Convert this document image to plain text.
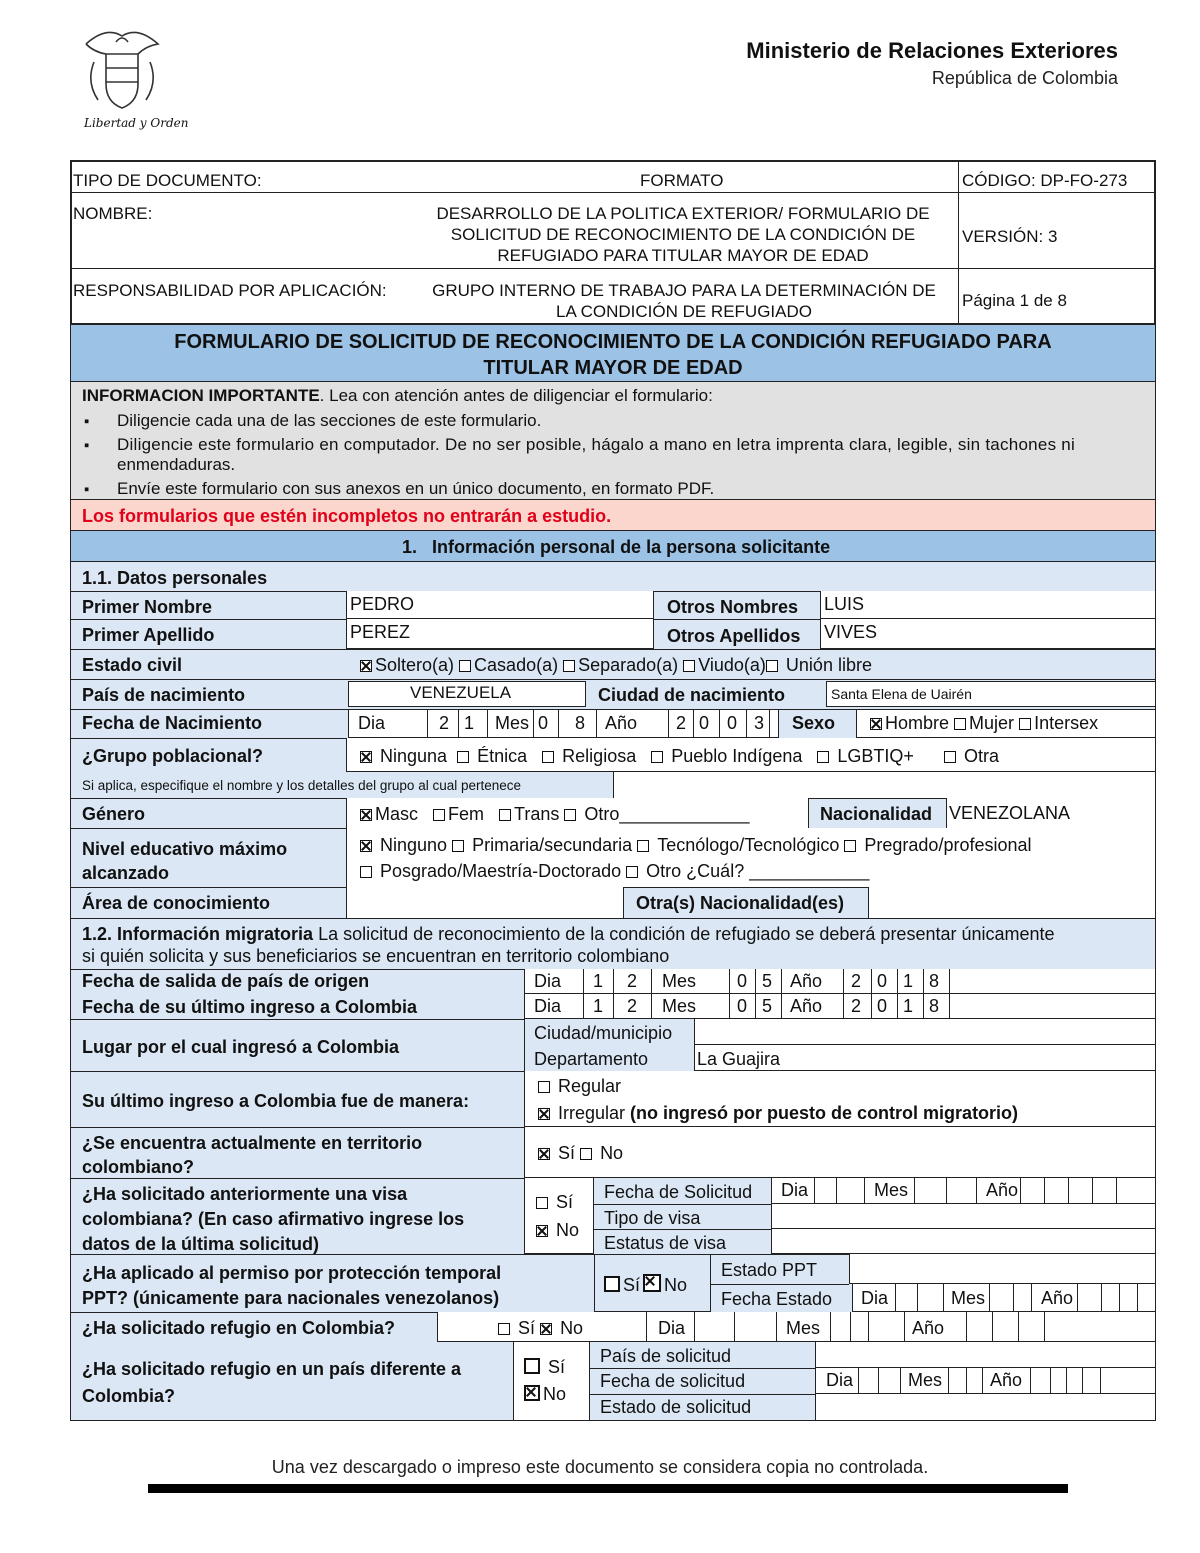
Libertad y Orden
Ministerio de Relaciones Exteriores
República de Colombia
TIPO DE DOCUMENTO:	FORMATO	CÓDIGO: DP-FO-273
NOMBRE:	DESARROLLO DE LA POLITICA EXTERIOR/ FORMULARIO DE
SOLICITUD DE RECONOCIMIENTO DE LA CONDICIÓN DE
REFUGIADO PARA TITULAR MAYOR DE EDAD
VERSIÓN: 3
RESPONSABILIDAD POR APLICACIÓN:	GRUPO INTERNO DE TRABAJO PARA LA DETERMINACIÓN DE
LA CONDICIÓN DE REFUGIADO
Página 1 de 8
FORMULARIO DE SOLICITUD DE RECONOCIMIENTO DE LA CONDICIÓN REFUGIADO PARA
TITULAR MAYOR DE EDAD
INFORMACION IMPORTANTE. Lea con atención antes de diligenciar el formulario:
▪ Diligencie cada una de las secciones de este formulario.
▪ Diligencie este formulario en computador. De no ser posible, hágalo a mano en letra imprenta clara, legible, sin tachones ni
enmendaduras.
▪ Envíe este formulario con sus anexos en un único documento, en formato PDF.
Los formularios que estén incompletos no entrarán a estudio.
1. Información personal de la persona solicitante
1.1. Datos personales
Primer Nombre	PEDRO	Otros Nombres LUIS
Primer Apellido	PEREZ	Otros Apellidos VIVES
Estado civil	Soltero(a) Casado(a) Separado(a) Viudo(a) Unión libre
País de nacimiento	VENEZUELA	Ciudad de nacimiento	Santa Elena de Uairén
Fecha de Nacimiento	Dia	2 1 Mes 0 8 Año 2 0 0 3 Sexo	Hombre Mujer Intersex
¿Grupo poblacional?	Ninguna Étnica Religiosa Pueblo Indígena LGBTIQ+	Otra
Si aplica, especifique el nombre y los detalles del grupo al cual pertenece
Género	Masc Fem Trans  Otro_____________	Nacionalidad VENEZOLANA
Nivel educativo máximo
alcanzado
Ninguno Primaria/secundaria Tecnólogo/Tecnológico Pregrado/profesional
Posgrado/Maestría-Doctorado Otro ¿Cuál? ____________
Área de conocimiento	Otra(s) Nacionalidad(es)
1.2. Información migratoria La solicitud de reconocimiento de la condición de refugiado se deberá presentar únicamente
si quién solicita y sus beneficiarios se encuentran en territorio colombiano
Fecha de salida de país de origen	Dia 1 2 Mes 0 5 Año 2 0 1 8
Fecha de su último ingreso a Colombia	Dia 1 2 Mes 0 5 Año 2 0 1 8
Lugar por el cual ingresó a Colombia
Ciudad/municipio
Departamento	La Guajira
Su último ingreso a Colombia fue de manera:
Regular
Irregular (no ingresó por puesto de control migratorio)
¿Se encuentra actualmente en territorio
colombiano?
Sí No
¿Ha solicitado anteriormente una visa
colombiana? (En caso afirmativo ingrese los
datos de la última solicitud)
Sí
No
Fecha de Solicitud Dia	Mes	Año
Tipo de visa
Estatus de visa
¿Ha aplicado al permiso por protección temporal
PPT? (únicamente para nacionales venezolanos)
Sí No
Estado PPT
Fecha Estado Dia	Mes	Año
¿Ha solicitado refugio en Colombia?	Sí No	Dia	Mes	Año
¿Ha solicitado refugio en un país diferente a
Colombia?
Sí
No
País de solicitud
Fecha de solicitud	Dia	Mes	Año
Estado de solicitud
Una vez descargado o impreso este documento se considera copia no controlada.
